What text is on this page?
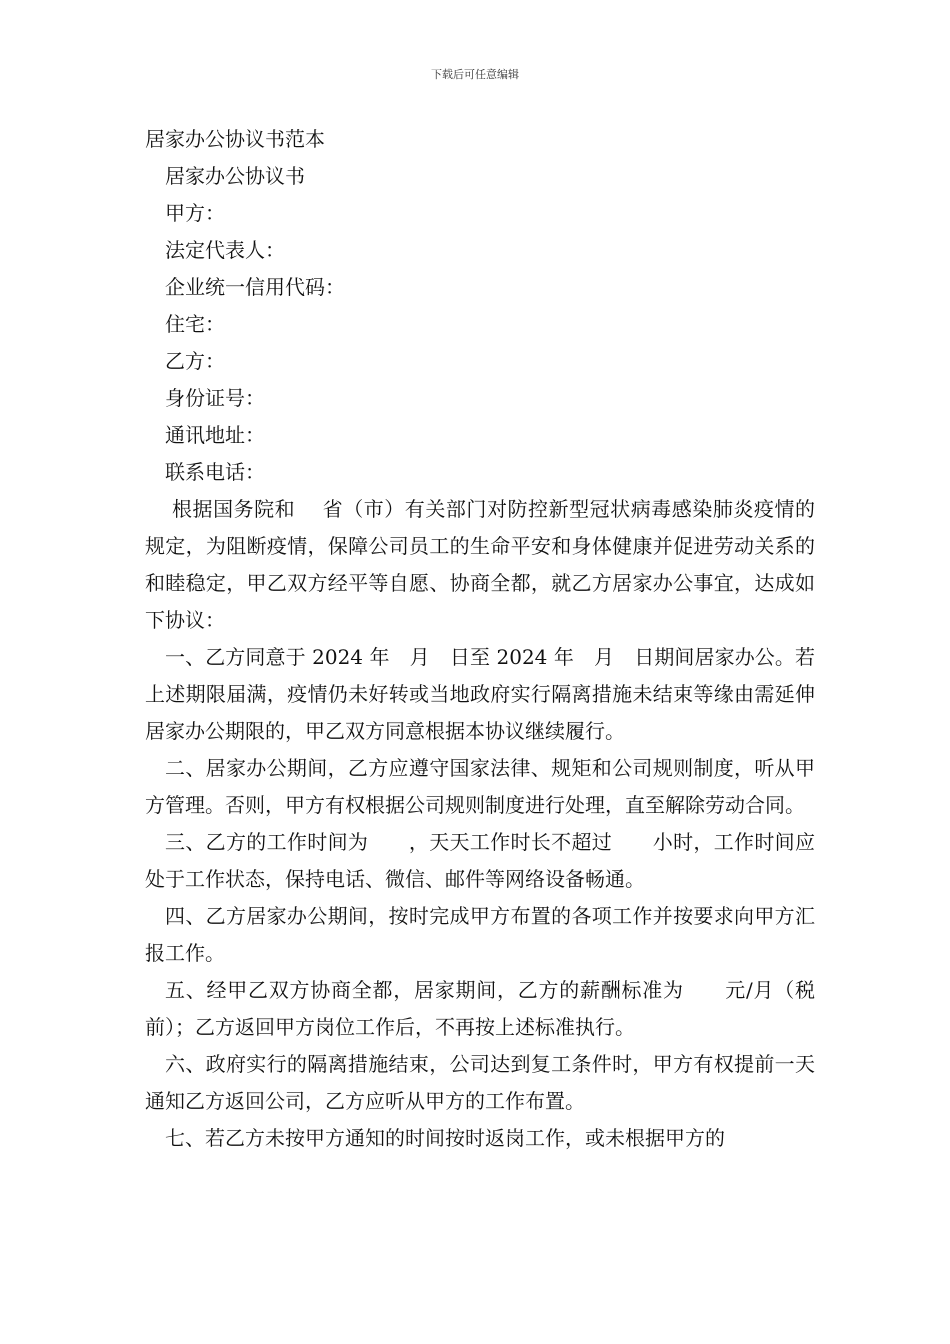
下载后可任意编辑

居家办公协议书范本

居家办公协议书

甲方：

法定代表人：

企业统一信用代码：

住宅：

乙方：

身份证号：

通讯地址：

联系电话：

根据国务院和　 省（市）有关部门对防控新型冠状病毒感染肺炎疫情的规定，为阻断疫情，保障公司员工的生命平安和身体健康并促进劳动关系的和睦稳定，甲乙双方经平等自愿、协商全都，就乙方居家办公事宜，达成如下协议：

一、乙方同意于 2024 年　月　日至 2024 年　月　日期间居家办公。若上述期限届满，疫情仍未好转或当地政府实行隔离措施未结束等缘由需延伸居家办公期限的，甲乙双方同意根据本协议继续履行。

二、居家办公期间，乙方应遵守国家法律、规矩和公司规则制度，听从甲方管理。否则，甲方有权根据公司规则制度进行处理，直至解除劳动合同。

三、乙方的工作时间为　　，天天工作时长不超过　　小时，工作时间应处于工作状态，保持电话、微信、邮件等网络设备畅通。

四、乙方居家办公期间，按时完成甲方布置的各项工作并按要求向甲方汇报工作。

五、经甲乙双方协商全都，居家期间，乙方的薪酬标准为　　元/月（税前）；乙方返回甲方岗位工作后，不再按上述标准执行。

六、政府实行的隔离措施结束，公司达到复工条件时，甲方有权提前一天通知乙方返回公司，乙方应听从甲方的工作布置。

七、若乙方未按甲方通知的时间按时返岗工作，或未根据甲方的
